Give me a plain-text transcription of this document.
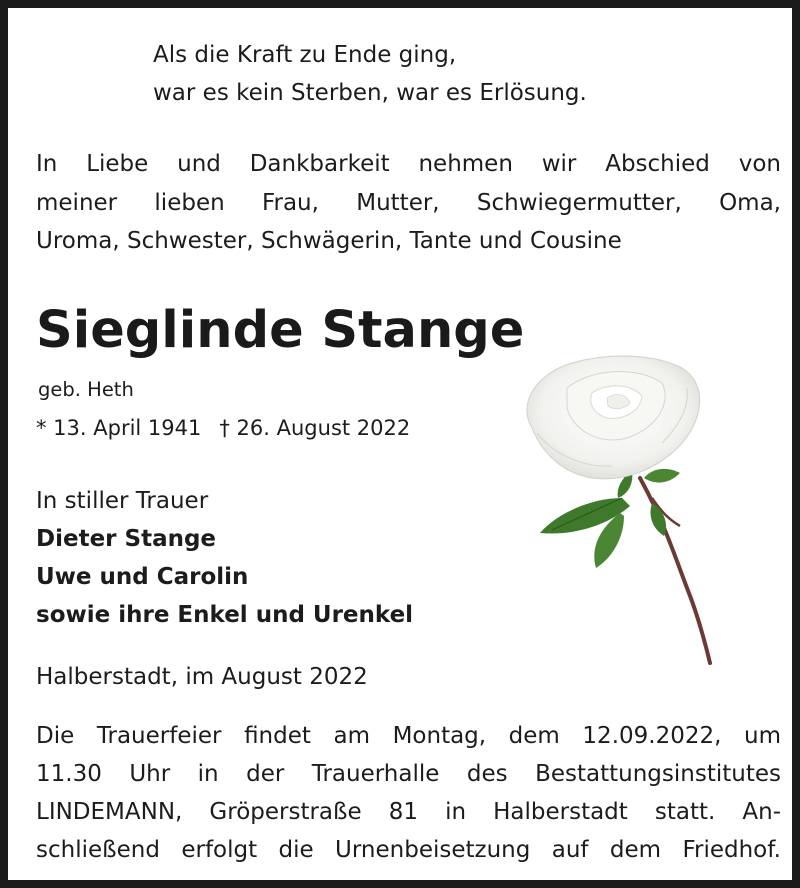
Als die Kraft zu Ende ging,
war es kein Sterben, war es Erlösung.
In Liebe und Dankbarkeit nehmen wir Abschied von
meiner lieben Frau, Mutter, Schwiegermutter, Oma,
Uroma, Schwester, Schwägerin, Tante und Cousine
Sieglinde Stange
geb. Heth
* 13. April 1941 † 26. August 2022
In stiller Trauer
Dieter Stange
Uwe und Carolin
sowie ihre Enkel und Urenkel
Halberstadt, im August 2022
Die Trauerfeier findet am Montag, dem 12.09.2022, um
11.30 Uhr in der Trauerhalle des Bestattungsinstitutes
LINDEMANN, Gröperstraße 81 in Halberstadt statt. An-
schließend erfolgt die Urnenbeisetzung auf dem Friedhof.
